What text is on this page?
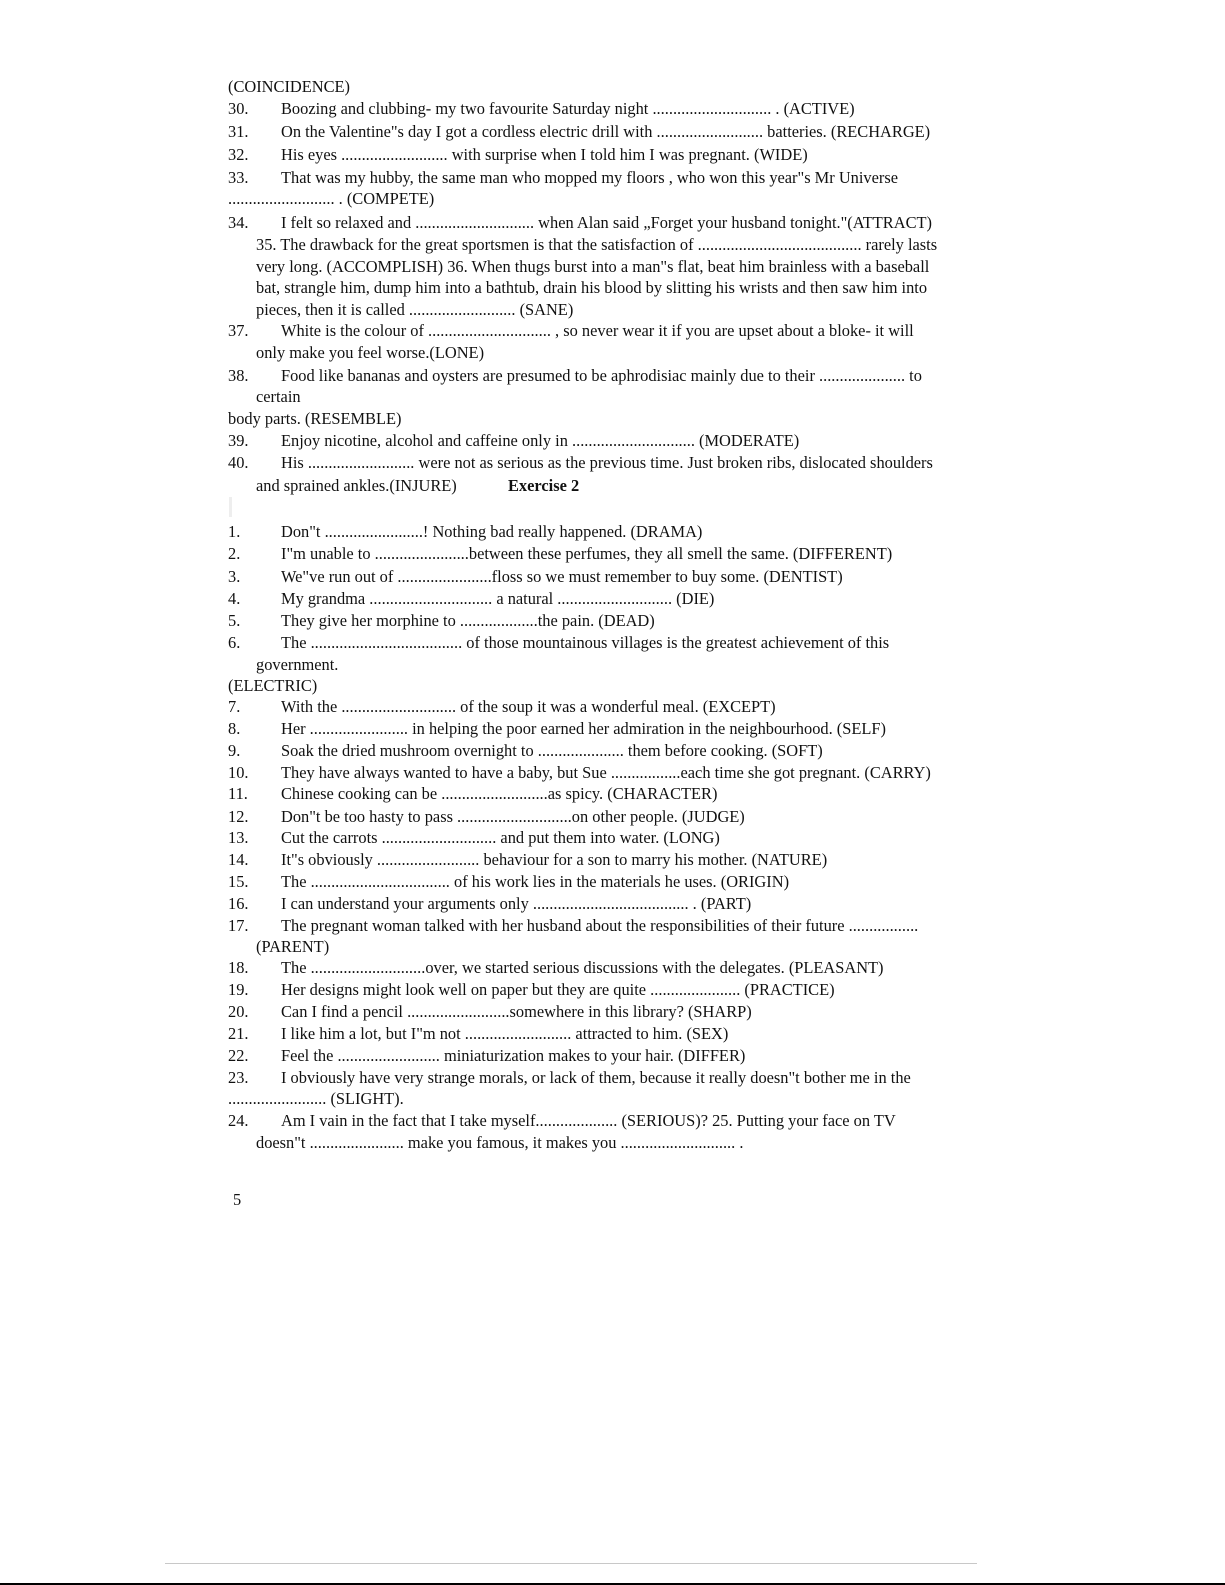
(COINCIDENCE)
30.	Boozing and clubbing- my two favourite Saturday night ............................. . (ACTIVE)
31.	On the Valentine"s day I got a cordless electric drill with .......................... batteries. (RECHARGE)
32.	His eyes .......................... with surprise when I told him I was pregnant. (WIDE)
33.	That was my hubby, the same man who mopped my floors , who won this year"s Mr Universe
.......................... . (COMPETE)
34.	I felt so relaxed and ............................. when Alan said „Forget your husband tonight."(ATTRACT)
35. The drawback for the great sportsmen is that the satisfaction of ........................................ rarely lasts
very long. (ACCOMPLISH) 36. When thugs burst into a man"s flat, beat him brainless with a baseball
bat, strangle him, dump him into a bathtub, drain his blood by slitting his wrists and then saw him into
pieces, then it is called .......................... (SANE)
37.	White is the colour of .............................. , so never wear it if you are upset about a bloke- it will
only make you feel worse.(LONE)
38.	Food like bananas and oysters are presumed to be aphrodisiac mainly due to their ..................... to
certain
body parts. (RESEMBLE)
39.	Enjoy nicotine, alcohol and caffeine only in .............................. (MODERATE)
40.	His .......................... were not as serious as the previous time. Just broken ribs, dislocated shoulders
and sprained ankles.(INJURE)	Exercise 2
1.	Don"t ........................! Nothing bad really happened. (DRAMA)
2.	I"m unable to .......................between these perfumes, they all smell the same. (DIFFERENT)
3.	We"ve run out of .......................floss so we must remember to buy some. (DENTIST)
4.	My grandma .............................. a natural ............................ (DIE)
5.	They give her morphine to ...................the pain. (DEAD)
6.	The ..................................... of those mountainous villages is the greatest achievement of this
government.
(ELECTRIC)
7.	With the ............................ of the soup it was a wonderful meal. (EXCEPT)
8.	Her ........................ in helping the poor earned her admiration in the neighbourhood. (SELF)
9.	Soak the dried mushroom overnight to ..................... them before cooking. (SOFT)
10.	They have always wanted to have a baby, but Sue .................each time she got pregnant. (CARRY)
11.	Chinese cooking can be ..........................as spicy. (CHARACTER)
12.	Don"t be too hasty to pass ............................on other people. (JUDGE)
13.	Cut the carrots ............................ and put them into water. (LONG)
14.	It"s obviously ......................... behaviour for a son to marry his mother. (NATURE)
15.	The .................................. of his work lies in the materials he uses. (ORIGIN)
16.	I can understand your arguments only ...................................... . (PART)
17.	The pregnant woman talked with her husband about the responsibilities of their future .................
(PARENT)
18.	The ............................over, we started serious discussions with the delegates. (PLEASANT)
19.	Her designs might look well on paper but they are quite ...................... (PRACTICE)
20.	Can I find a pencil .........................somewhere in this library? (SHARP)
21.	I like him a lot, but I"m not .......................... attracted to him. (SEX)
22.	Feel the ......................... miniaturization makes to your hair. (DIFFER)
23.	I obviously have very strange morals, or lack of them, because it really doesn"t bother me in the
........................ (SLIGHT).
24.	Am I vain in the fact that I take myself.................... (SERIOUS)? 25. Putting your face on TV
doesn"t ....................... make you famous, it makes you ............................ .
5
